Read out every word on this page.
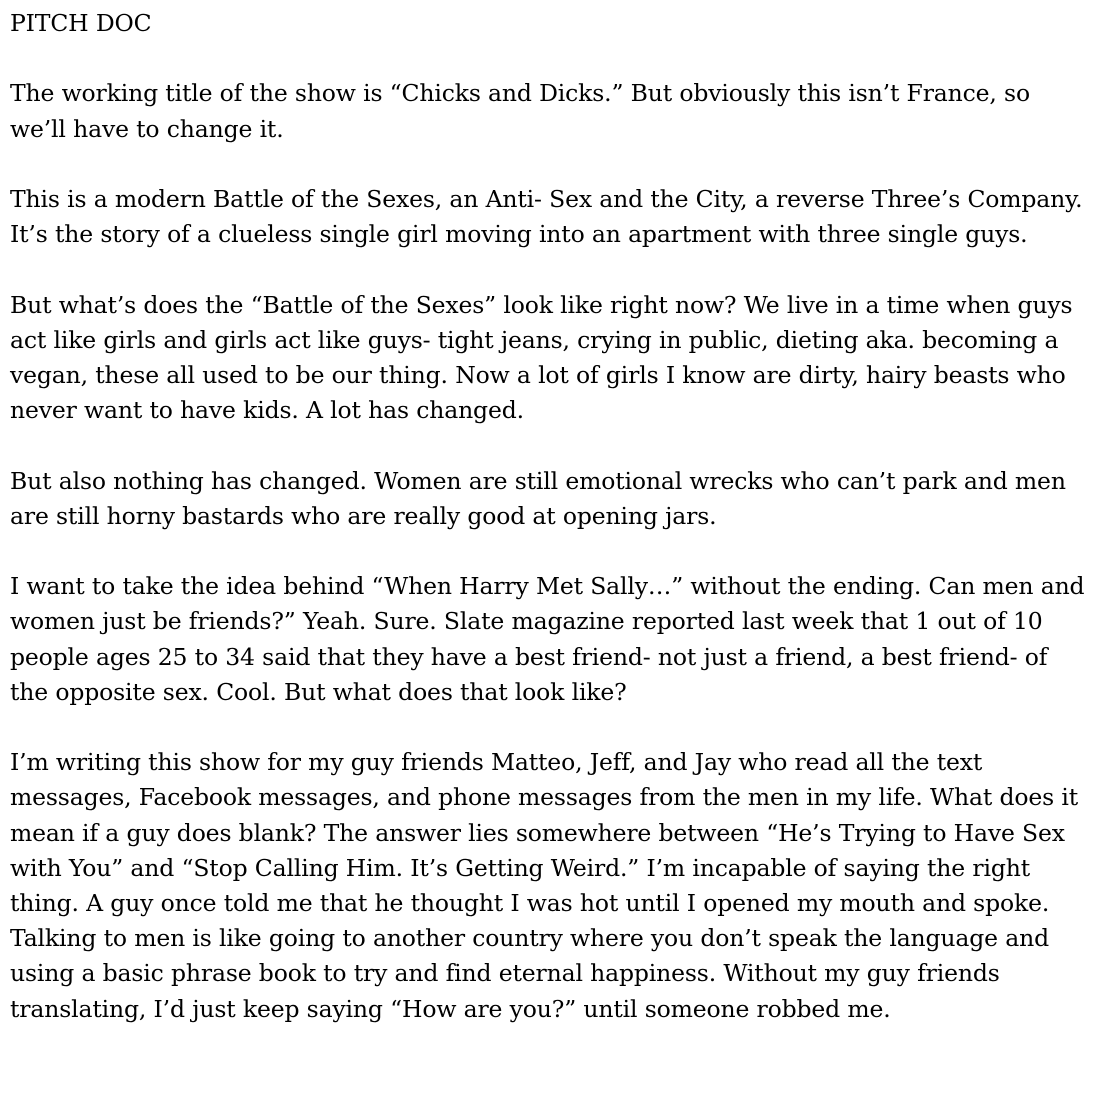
PITCH DOC

The working title of the show is “Chicks and Dicks.” But obviously this isn’t France, so we’ll have to change it.

This is a modern Battle of the Sexes, an Anti- Sex and the City, a reverse Three’s Company. It’s the story of a clueless single girl moving into an apartment with three single guys.

But what’s does the “Battle of the Sexes” look like right now? We live in a time when guys act like girls and girls act like guys- tight jeans, crying in public, dieting aka. becoming a vegan, these all used to be our thing. Now a lot of girls I know are dirty, hairy beasts who never want to have kids. A lot has changed.

But also nothing has changed. Women are still emotional wrecks who can’t park and men are still horny bastards who are really good at opening jars.

I want to take the idea behind “When Harry Met Sally…” without the ending. Can men and women just be friends?” Yeah. Sure. Slate magazine reported last week that 1 out of 10 people ages 25 to 34 said that they have a best friend- not just a friend, a best friend- of the opposite sex. Cool. But what does that look like?

I’m writing this show for my guy friends Matteo, Jeff, and Jay who read all the text messages, Facebook messages, and phone messages from the men in my life. What does it mean if a guy does blank? The answer lies somewhere between “He’s Trying to Have Sex with You” and “Stop Calling Him. It’s Getting Weird.” I’m incapable of saying the right thing. A guy once told me that he thought I was hot until I opened my mouth and spoke. Talking to men is like going to another country where you don’t speak the language and using a basic phrase book to try and find eternal happiness. Without my guy friends translating, I’d just keep saying “How are you?” until someone robbed me.
